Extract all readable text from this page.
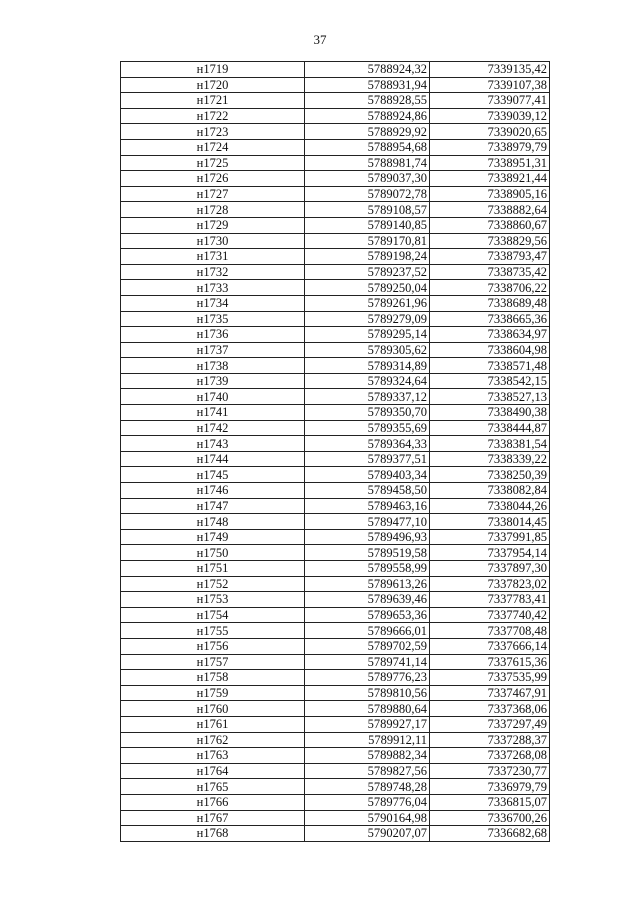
37
н1719	5788924,32	7339135,42
н1720	5788931,94	7339107,38
н1721	5788928,55	7339077,41
н1722	5788924,86	7339039,12
н1723	5788929,92	7339020,65
н1724	5788954,68	7338979,79
н1725	5788981,74	7338951,31
н1726	5789037,30	7338921,44
н1727	5789072,78	7338905,16
н1728	5789108,57	7338882,64
н1729	5789140,85	7338860,67
н1730	5789170,81	7338829,56
н1731	5789198,24	7338793,47
н1732	5789237,52	7338735,42
н1733	5789250,04	7338706,22
н1734	5789261,96	7338689,48
н1735	5789279,09	7338665,36
н1736	5789295,14	7338634,97
н1737	5789305,62	7338604,98
н1738	5789314,89	7338571,48
н1739	5789324,64	7338542,15
н1740	5789337,12	7338527,13
н1741	5789350,70	7338490,38
н1742	5789355,69	7338444,87
н1743	5789364,33	7338381,54
н1744	5789377,51	7338339,22
н1745	5789403,34	7338250,39
н1746	5789458,50	7338082,84
н1747	5789463,16	7338044,26
н1748	5789477,10	7338014,45
н1749	5789496,93	7337991,85
н1750	5789519,58	7337954,14
н1751	5789558,99	7337897,30
н1752	5789613,26	7337823,02
н1753	5789639,46	7337783,41
н1754	5789653,36	7337740,42
н1755	5789666,01	7337708,48
н1756	5789702,59	7337666,14
н1757	5789741,14	7337615,36
н1758	5789776,23	7337535,99
н1759	5789810,56	7337467,91
н1760	5789880,64	7337368,06
н1761	5789927,17	7337297,49
н1762	5789912,11	7337288,37
н1763	5789882,34	7337268,08
н1764	5789827,56	7337230,77
н1765	5789748,28	7336979,79
н1766	5789776,04	7336815,07
н1767	5790164,98	7336700,26
н1768	5790207,07	7336682,68
